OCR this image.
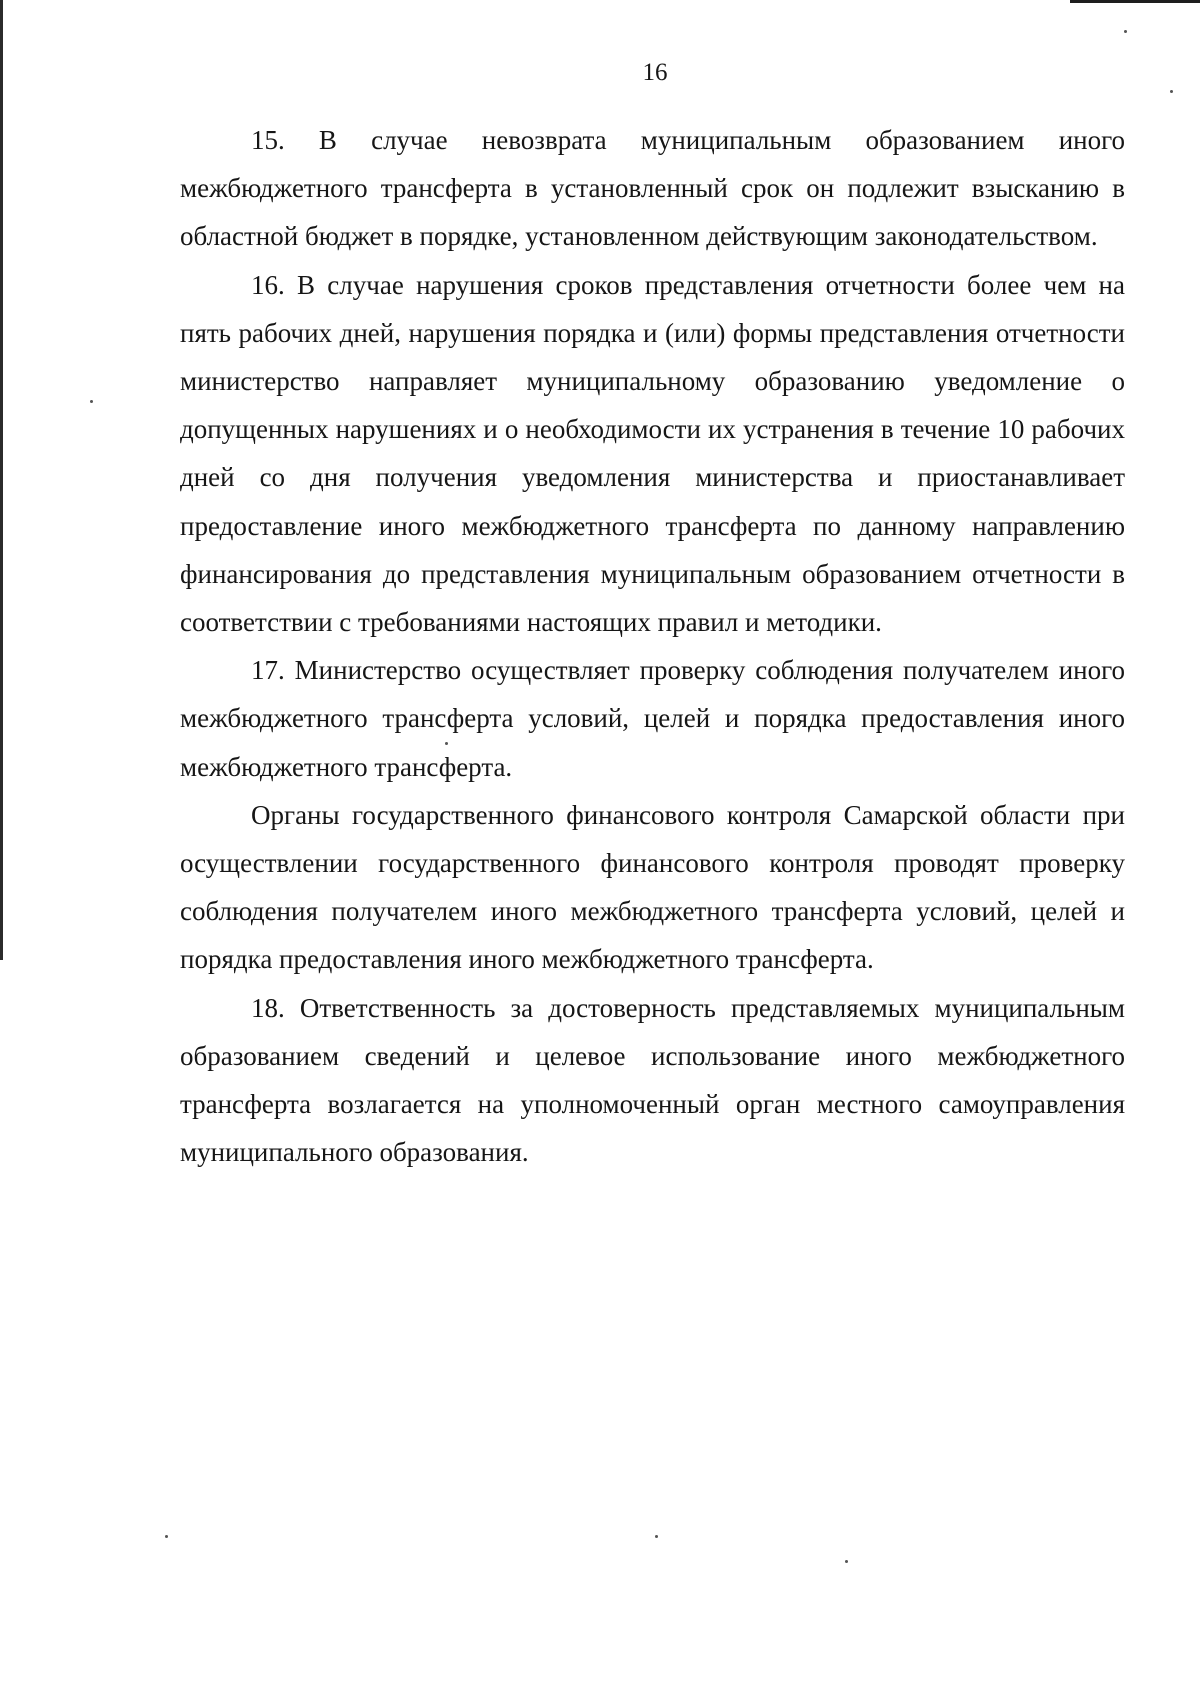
16

15. В случае невозврата муниципальным образованием иного межбюджетного трансферта в установленный срок он подлежит взысканию в областной бюджет в порядке, установленном действующим законодательством.

16. В случае нарушения сроков представления отчетности более чем на пять рабочих дней, нарушения порядка и (или) формы представления отчетности министерство направляет муниципальному образованию уведомление о допущенных нарушениях и о необходимости их устранения в течение 10 рабочих дней со дня получения уведомления министерства и приостанавливает предоставление иного межбюджетного трансферта по данному направлению финансирования до представления муниципальным образованием отчетности в соответствии с требованиями настоящих правил и методики.

17. Министерство осуществляет проверку соблюдения получателем иного межбюджетного трансферта условий, целей и порядка предоставления иного межбюджетного трансферта.

Органы государственного финансового контроля Самарской области при осуществлении государственного финансового контроля проводят проверку соблюдения получателем иного межбюджетного трансферта условий, целей и порядка предоставления иного межбюджетного трансферта.

18. Ответственность за достоверность представляемых муниципальным образованием сведений и целевое использование иного межбюджетного трансферта возлагается на уполномоченный орган местного самоуправления муниципального образования.
